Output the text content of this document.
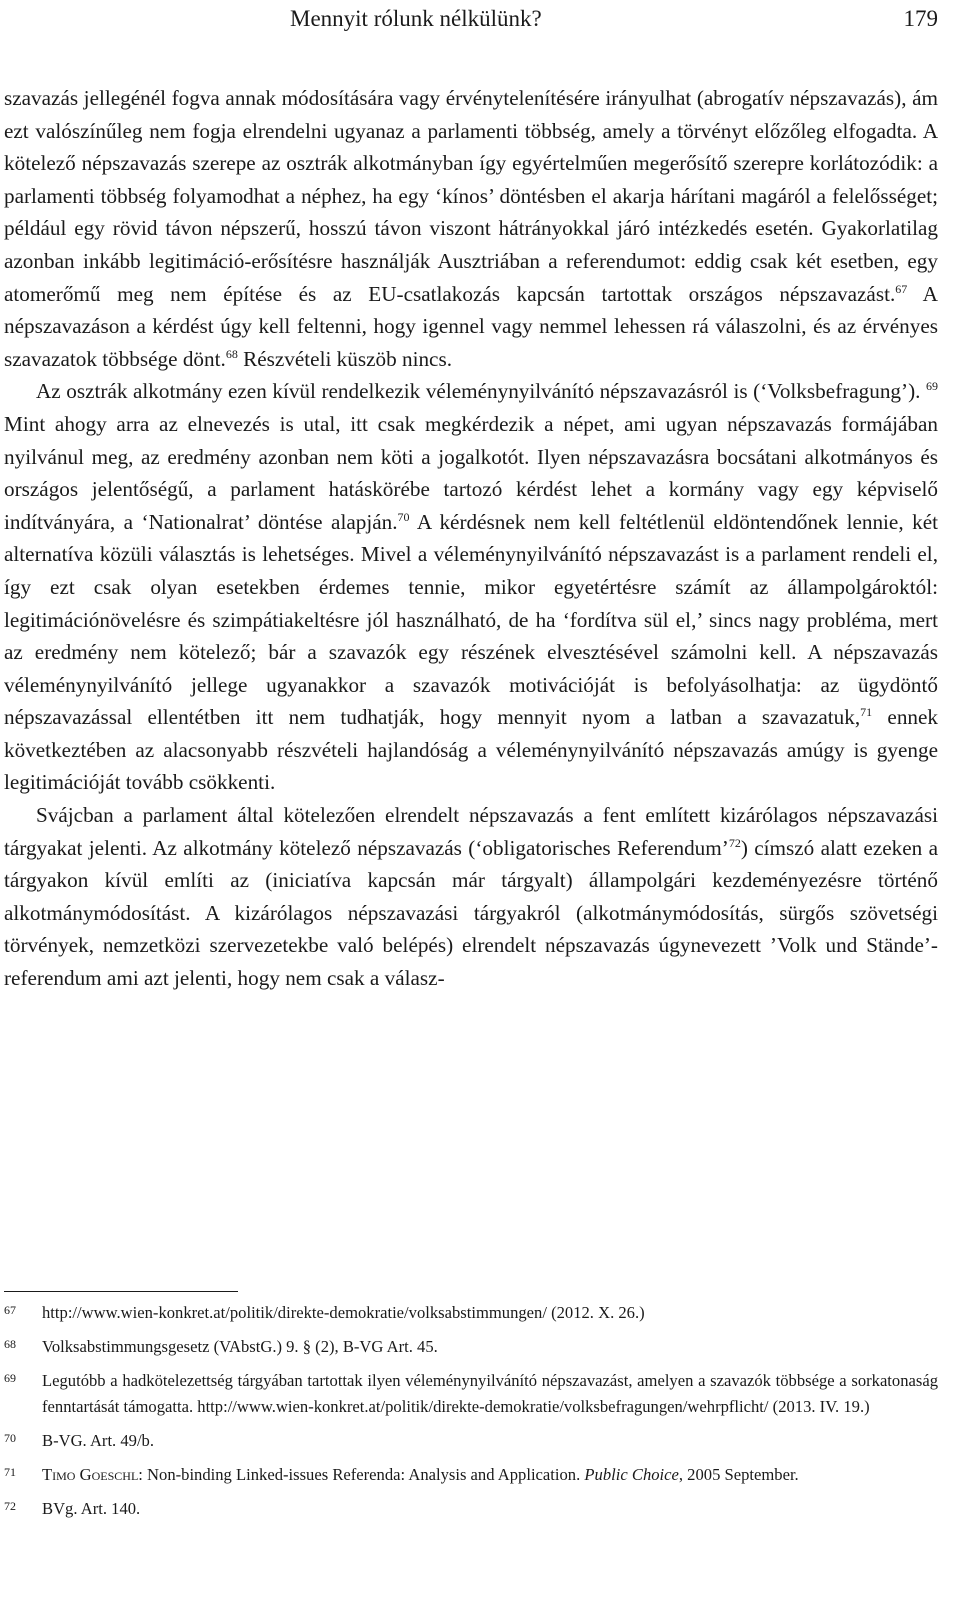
Mennyit rólunk nélkülünk?	179

szavazás jellegénél fogva annak módosítására vagy érvénytelenítésére irányulhat (abrogatív népszavazás), ám ezt valószínűleg nem fogja elrendelni ugyanaz a parlamenti többség, amely a törvényt előzőleg elfogadta. A kötelező népszavazás szerepe az osztrák alkotmányban így egyértelműen megerősítő szerepre korlátozódik: a parlamenti többség folyamodhat a néphez, ha egy ‘kínos’ döntésben el akarja hárítani magáról a felelősséget; például egy rövid távon népszerű, hosszú távon viszont hátrányokkal járó intézkedés esetén. Gyakorlatilag azonban inkább legitimáció-erősítésre használják Ausztriában a referendumot: eddig csak két esetben, egy atomerőmű meg nem építése és az EU-csatlakozás kapcsán tartottak országos népszavazást.$^{67}$ A népszavazáson a kérdést úgy kell feltenni, hogy igennel vagy nemmel lehessen rá válaszolni, és az érvényes szavazatok többsége dönt.$^{68}$ Részvételi küszöb nincs.

Az osztrák alkotmány ezen kívül rendelkezik véleménynyilvánító népszavazásról is (‘Volksbefragung’). $^{69}$ Mint ahogy arra az elnevezés is utal, itt csak megkérdezik a népet, ami ugyan népszavazás formájában nyilvánul meg, az eredmény azonban nem köti a jogalkotót. Ilyen népszavazásra bocsátani alkotmányos és országos jelentőségű, a parlament hatáskörébe tartozó kérdést lehet a kormány vagy egy képviselő indítványára, a ‘Nationalrat’ döntése alapján.$^{70}$ A kérdésnek nem kell feltétlenül eldöntendőnek lennie, két alternatíva közüli választás is lehetséges. Mivel a véleménynyilvánító népszavazást is a parlament rendeli el, így ezt csak olyan esetekben érdemes tennie, mikor egyetértésre számít az állampolgároktól: legitimációnövelésre és szimpátiakeltésre jól használható, de ha ‘fordítva sül el,’ sincs nagy probléma, mert az eredmény nem kötelező; bár a szavazók egy részének elvesztésével számolni kell. A népszavazás véleménynyilvánító jellege ugyanakkor a szavazók motivációját is befolyásolhatja: az ügydöntő népszavazással ellentétben itt nem tudhatják, hogy mennyit nyom a latban a szavazatuk,$^{71}$ ennek következtében az alacsonyabb részvételi hajlandóság a véleménynyilvánító népszavazás amúgy is gyenge legitimációját tovább csökkenti.

Svájcban a parlament által kötelezően elrendelt népszavazás a fent említett kizárólagos népszavazási tárgyakat jelenti. Az alkotmány kötelező népszavazás (‘obligatorisches Referendum’$^{72}$) címszó alatt ezeken a tárgyakon kívül említi az (iniciatíva kapcsán már tárgyalt) állampolgári kezdeményezésre történő alkotmánymódosítást. A kizárólagos népszavazási tárgyakról (alkotmánymódosítás, sürgős szövetségi törvények, nemzetközi szervezetekbe való belépés) elrendelt népszavazás úgynevezett ’Volk und Stände’-referendum ami azt jelenti, hogy nem csak a válasz-

67	http://www.wien-konkret.at/politik/direkte-demokratie/volksabstimmungen/ (2012. X. 26.)
68	Volksabstimmungsgesetz (VAbstG.) 9. § (2), B-VG Art. 45.
69	Legutóbb a hadkötelezettség tárgyában tartottak ilyen véleménynyilvánító népszavazást, amelyen a szavazók többsége a sorkatonaság fenntartását támogatta. http://www.wien-konkret.at/politik/direkte-demokratie/volksbefragungen/wehrpflicht/ (2013. IV. 19.)
70	B-VG. Art. 49/b.
71	Timo Goeschl: Non-binding Linked-issues Referenda: Analysis and Application. Public Choice, 2005 September.
72	BVg. Art. 140.
